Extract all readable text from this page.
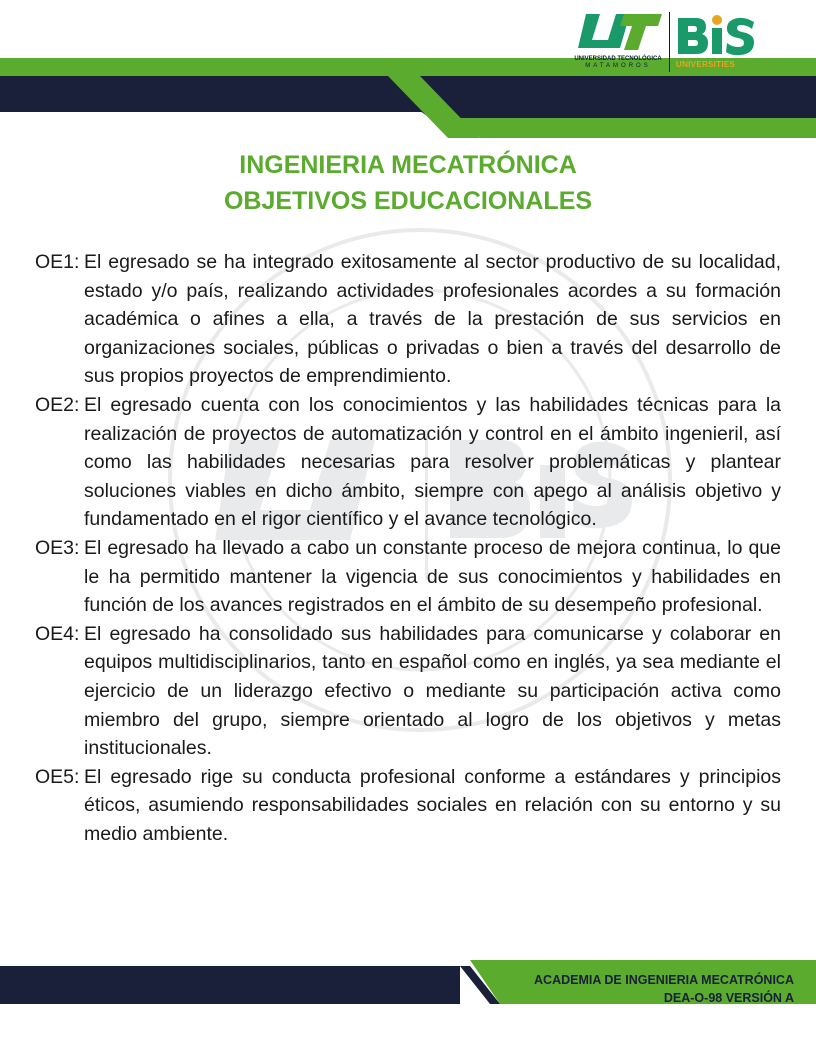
UNIVERSIDAD TECNOLÓGICA
MATAMOROS	UNIVERSITIES
INGENIERIA MECATRÓNICA
OBJETIVOS EDUCACIONALES
OE1: El egresado se ha integrado exitosamente al sector productivo de su localidad, estado y/o país, realizando actividades profesionales acordes a su formación académica o afines a ella, a través de la prestación de sus servicios en organizaciones sociales, públicas o privadas o bien a través del desarrollo de sus propios proyectos de emprendimiento.
OE2: El egresado cuenta con los conocimientos y las habilidades técnicas para la realización de proyectos de automatización y control en el ámbito ingenieril, así como las habilidades necesarias para resolver problemáticas y plantear soluciones viables en dicho ámbito, siempre con apego al análisis objetivo y fundamentado en el rigor científico y el avance tecnológico.
OE3: El egresado ha llevado a cabo un constante proceso de mejora continua, lo que le ha permitido mantener la vigencia de sus conocimientos y habilidades en función de los avances registrados en el ámbito de su desempeño profesional.
OE4: El egresado ha consolidado sus habilidades para comunicarse y colaborar en equipos multidisciplinarios, tanto en español como en inglés, ya sea mediante el ejercicio de un liderazgo efectivo o mediante su participación activa como miembro del grupo, siempre orientado al logro de los objetivos y metas institucionales.
OE5: El egresado rige su conducta profesional conforme a estándares y principios éticos, asumiendo responsabilidades sociales en relación con su entorno y su medio ambiente.
ACADEMIA DE INGENIERIA MECATRÓNICA
DEA-O-98 VERSIÓN A
